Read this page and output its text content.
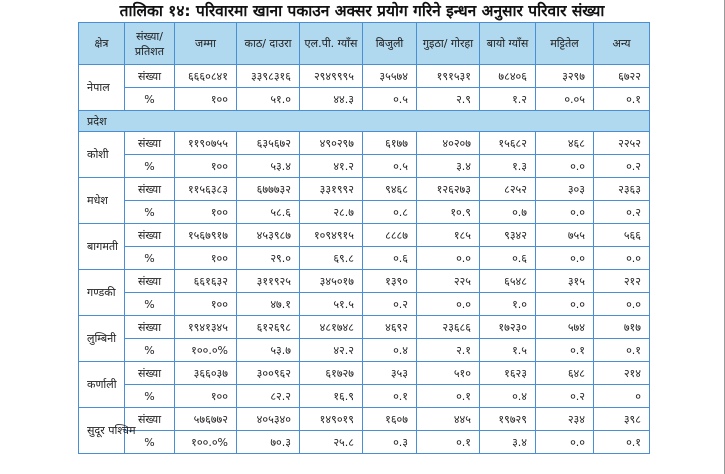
तालिका १४: परिवारमा खाना पकाउन अक्सर प्रयोग गरिने इन्धन अनुसार परिवार संख्या
क्षेत्र	संख्या/ प्रतिशत	जम्मा	काठ/ दाउरा	एल.पी. ग्याँस	बिजुली	गुइठा/ गोरहा	बायो ग्याँस	मट्टितेल	अन्य
नेपाल	संख्या	६६६०८४१	३३९८३१६	२९४९९९५	३५५७४	१९१५३१	७८४०६	३२९७	६७२२
	%	१००	५१.०	४४.३	०.५	२.९	१.२	०.०५	०.१
प्रदेश									
कोशी	संख्या	११९०७५५	६३५६७२	४९०२९७	६१७७	४०२०७	१५६८२	४६८	२२५२
	%	१००	५३.४	४१.२	०.५	३.४	१.३	०.०	०.२
मधेश	संख्या	११५६३८३	६७७७३२	३३१९९२	९४६८	१२६२७३	८२५२	३०३	२३६३
	%	१००	५८.६	२८.७	०.८	१०.९	०.७	०.०	०.२
बागमती	संख्या	१५६७९१७	४५३९८७	१०९४९१५	८८८७	१८५	९३४२	७५५	५६६
	%	१००	२९.०	६९.८	०.६	०.०	०.६	०.०	०.०
गण्डकी	संख्या	६६१६३२	३११९२५	३४५०१७	१३९०	२२५	६५४८	३१५	२१२
	%	१००	४७.१	५१.५	०.२	०.०	१.०	०.०	०.०
लुम्बिनी	संख्या	१९४१३४५	६१२६९८	४८१७४८	४६९२	२३६८६	१७२३०	५७४	७१७
	%	१००.०%	५३.७	४२.२	०.४	२.१	१.५	०.१	०.१
कर्णाली	संख्या	३६६०३७	३००९६२	६१७२७	३५३	५१०	१६२३	६४८	२१४
	%	१००	८२.२	१६.९	०.१	०.१	०.४	०.२	०
सुदूर पश्चिम	संख्या	५७६७७२	४०५३४०	१४९०१९	१६०७	४४५	१९७२९	२३४	३९८
	%	१००.०%	७०.३	२५.८	०.३	०.१	३.४	०.०	०.१
